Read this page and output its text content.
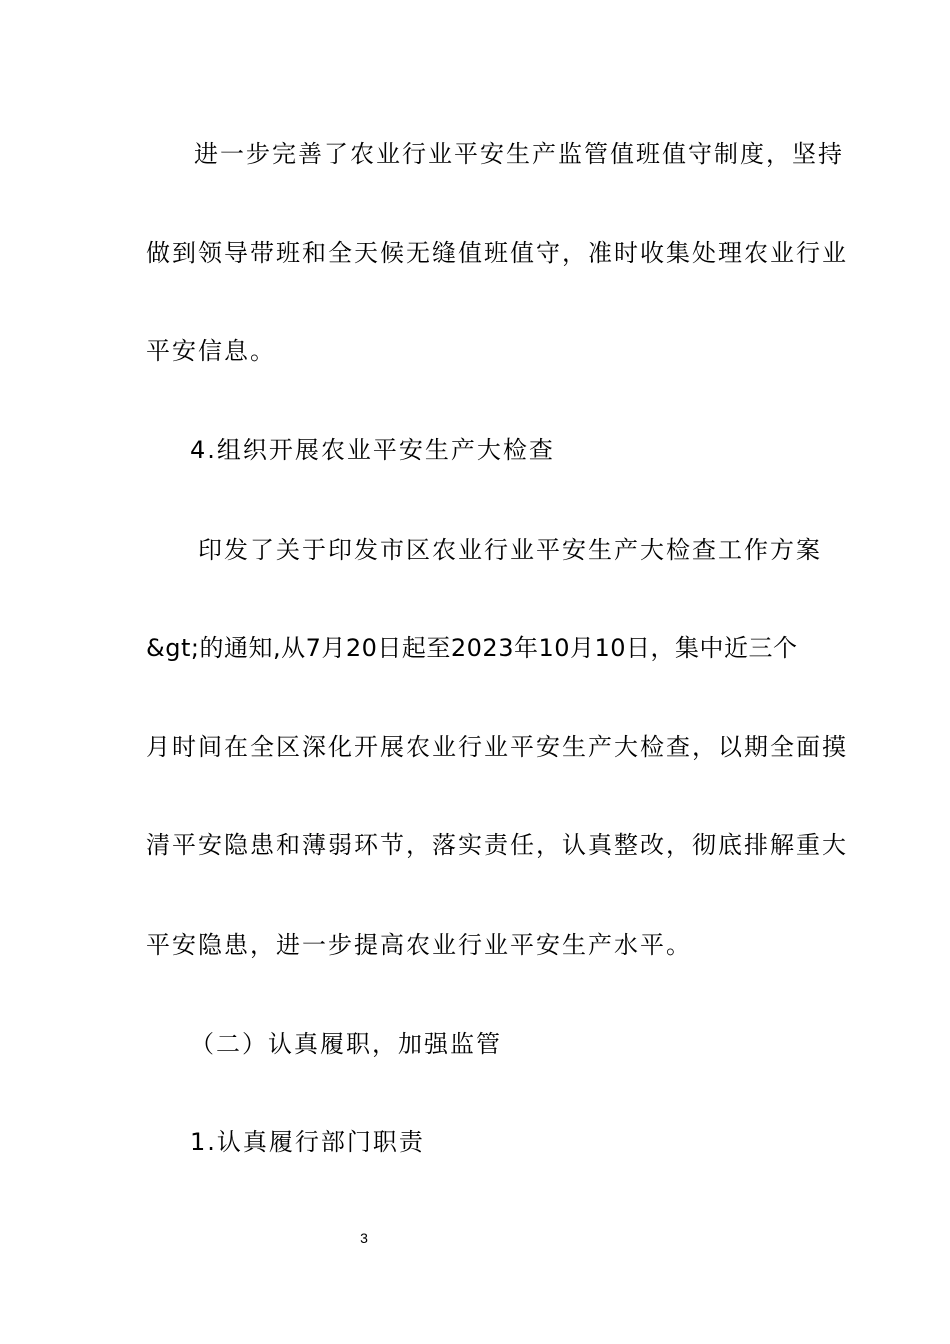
进一步完善了农业行业平安生产监管值班值守制度，坚持
做到领导带班和全天候无缝值班值守，准时收集处理农业行业
平安信息。
4.组织开展农业平安生产大检查
印发了关于印发市区农业行业平安生产大检查工作方案
&gt;的通知,从7月20日起至2023年10月10日，集中近三个
月时间在全区深化开展农业行业平安生产大检查，以期全面摸
清平安隐患和薄弱环节，落实责任，认真整改，彻底排解重大
平安隐患，进一步提高农业行业平安生产水平。
（二）认真履职，加强监管
1.认真履行部门职责
3
